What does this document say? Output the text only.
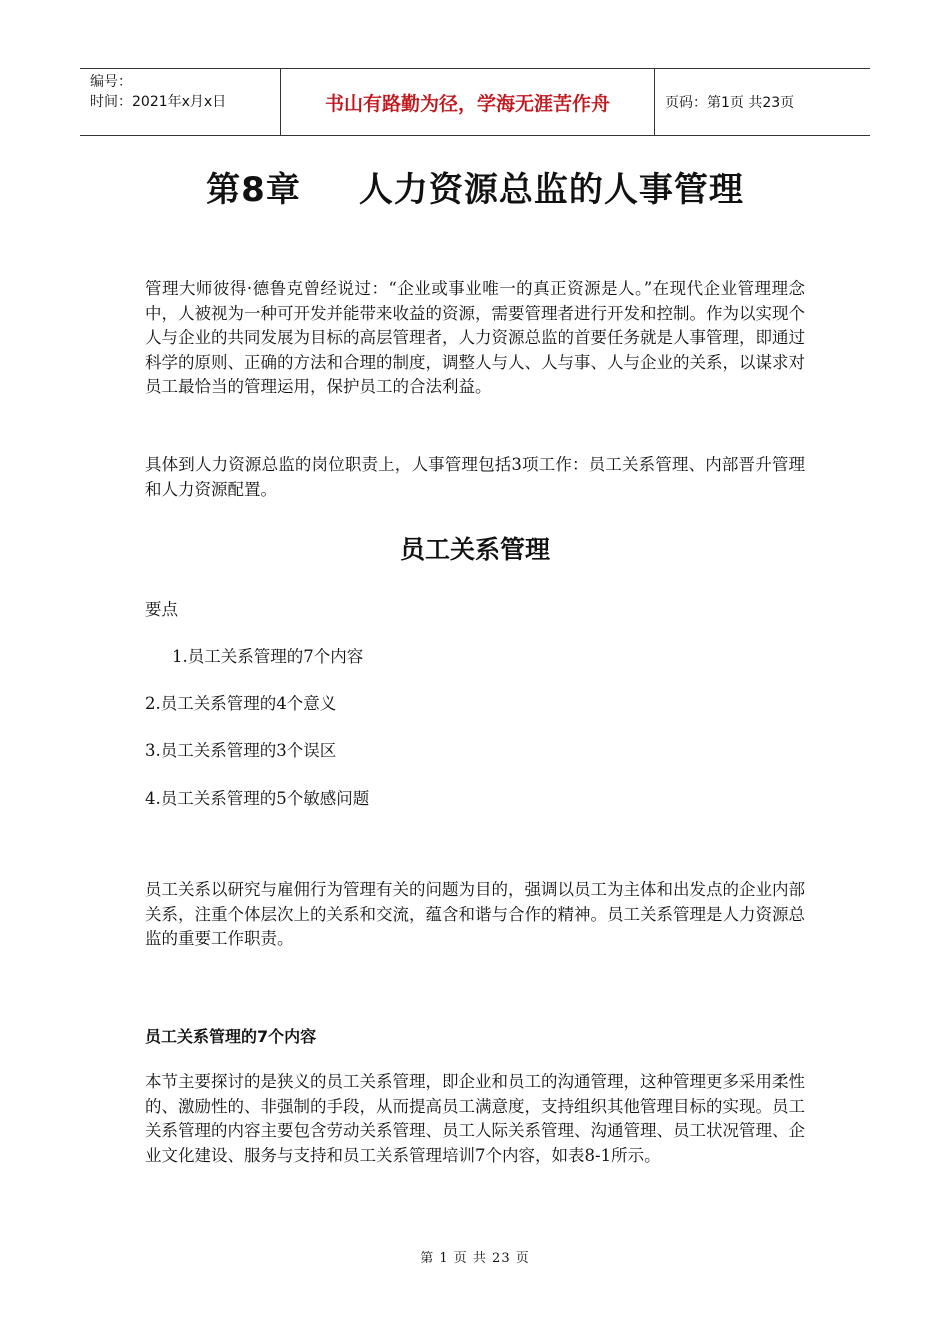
编号：
时间：2021年x月x日	书山有路勤为径，学海无涯苦作舟	页码：第1页 共23页
第8章 人力资源总监的人事管理
管理大师彼得·德鲁克曾经说过：“企业或事业唯一的真正资源是人。”在现代企业管理理念中，人被视为一种可开发并能带来收益的资源，需要管理者进行开发和控制。作为以实现个人与企业的共同发展为目标的高层管理者，人力资源总监的首要任务就是人事管理，即通过科学的原则、正确的方法和合理的制度，调整人与人、人与事、人与企业的关系，以谋求对员工最恰当的管理运用，保护员工的合法利益。
具体到人力资源总监的岗位职责上，人事管理包括3项工作：员工关系管理、内部晋升管理和人力资源配置。
员工关系管理
要点
1.员工关系管理的7个内容
2.员工关系管理的4个意义
3.员工关系管理的3个误区
4.员工关系管理的5个敏感问题
员工关系以研究与雇佣行为管理有关的问题为目的，强调以员工为主体和出发点的企业内部关系，注重个体层次上的关系和交流，蕴含和谐与合作的精神。员工关系管理是人力资源总监的重要工作职责。
员工关系管理的7个内容
本节主要探讨的是狭义的员工关系管理，即企业和员工的沟通管理，这种管理更多采用柔性的、激励性的、非强制的手段，从而提高员工满意度，支持组织其他管理目标的实现。员工关系管理的内容主要包含劳动关系管理、员工人际关系管理、沟通管理、员工状况管理、企业文化建设、服务与支持和员工关系管理培训7个内容，如表8-1所示。
第 1 页 共 23 页
